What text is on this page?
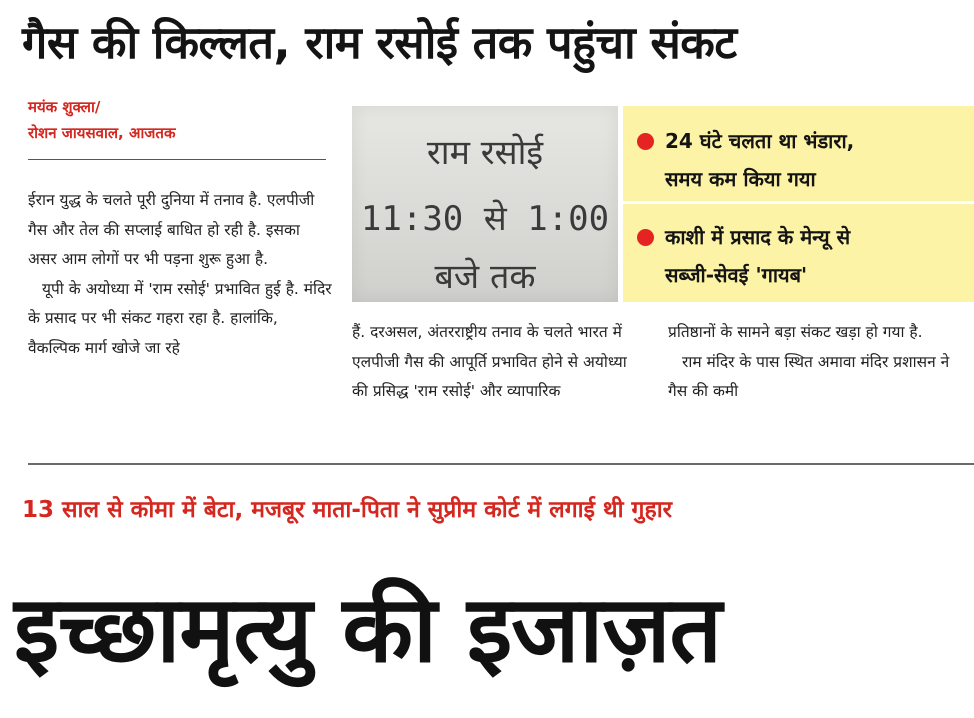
गैस की किल्लत, राम रसोई तक पहुंचा संकट
मयंक शुक्ला/
रोशन जायसवाल, आजतक

ईरान युद्ध के चलते पूरी दुनिया में तनाव है. एलपीजी गैस और तेल की सप्लाई बाधित हो रही है. इसका असर आम लोगों पर भी पड़ना शुरू हुआ है.

यूपी के अयोध्या में 'राम रसोई' प्रभावित हुई है. मंदिर के प्रसाद पर भी संकट गहरा रहा है. हालांकि, वैकल्पिक मार्ग खोजे जा रहे

राम रसोई
11:30 से 1:00
बजे तक
24 घंटे चलता था भंडारा,
समय कम किया गया
काशी में प्रसाद के मेन्यू से
सब्जी-सेवई 'गायब'

हैं. दरअसल, अंतरराष्ट्रीय तनाव के चलते भारत में एलपीजी गैस की आपूर्ति प्रभावित होने से अयोध्या की प्रसिद्ध 'राम रसोई' और व्यापारिक

प्रतिष्ठानों के सामने बड़ा संकट खड़ा हो गया है.

राम मंदिर के पास स्थित अमावा मंदिर प्रशासन ने गैस की कमी

13 साल से कोमा में बेटा, मजबूर माता-पिता ने सुप्रीम कोर्ट में लगाई थी गुहार
इच्छामृत्यु की इजाज़त
